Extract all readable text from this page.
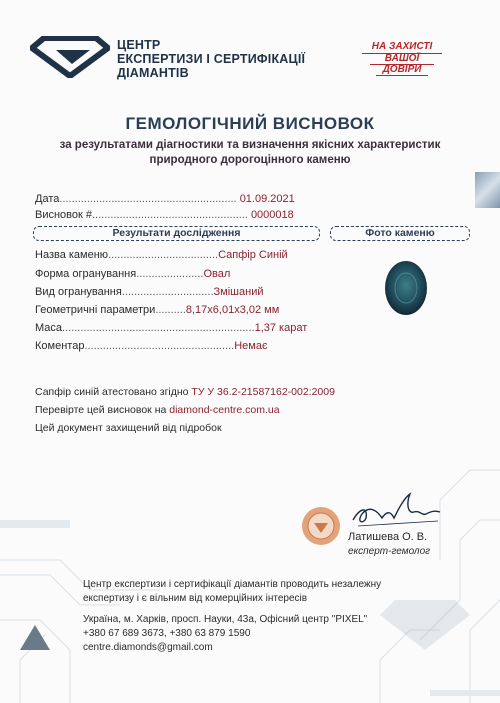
ЦЕНТР
ЕКСПЕРТИЗИ І СЕРТИФІКАЦІЇ
ДІАМАНТІВ
НА ЗАХИСТІ
ВАШОЇ
ДОВІРИ
ГЕМОЛОГІЧНИЙ ВИСНОВОК
за результатами діагностики та визначення якісних характеристик
природного дорогоцінного каменю
Дата.......................................................... 01.09.2021
Висновок #................................................... 0000018
Результати дослідження	Фото каменю
Назва каменю....................................Сапфір Синій
Форма огранування......................Овал
Вид огранування..............................Змішаний
Геометричні параметри..........8,17х6,01х3,02 мм
Маса...............................................................1,37 карат
Коментар.................................................Немає
Сапфір синій атестовано згідно ТУ У 36.2-21587162-002:2009
Перевірте цей висновок на diamond-centre.com.ua
Цей документ захищений від підробок
Латишева О. В.
експерт-гемолог
Центр експертизи і сертифікації діамантів проводить незалежну
експертизу і є вільним від комерційних інтересів
Україна, м. Харків, просп. Науки, 43а, Офісний центр "PIXEL"
+380 67 689 3673, +380 63 879 1590
centre.diamonds@gmail.com
